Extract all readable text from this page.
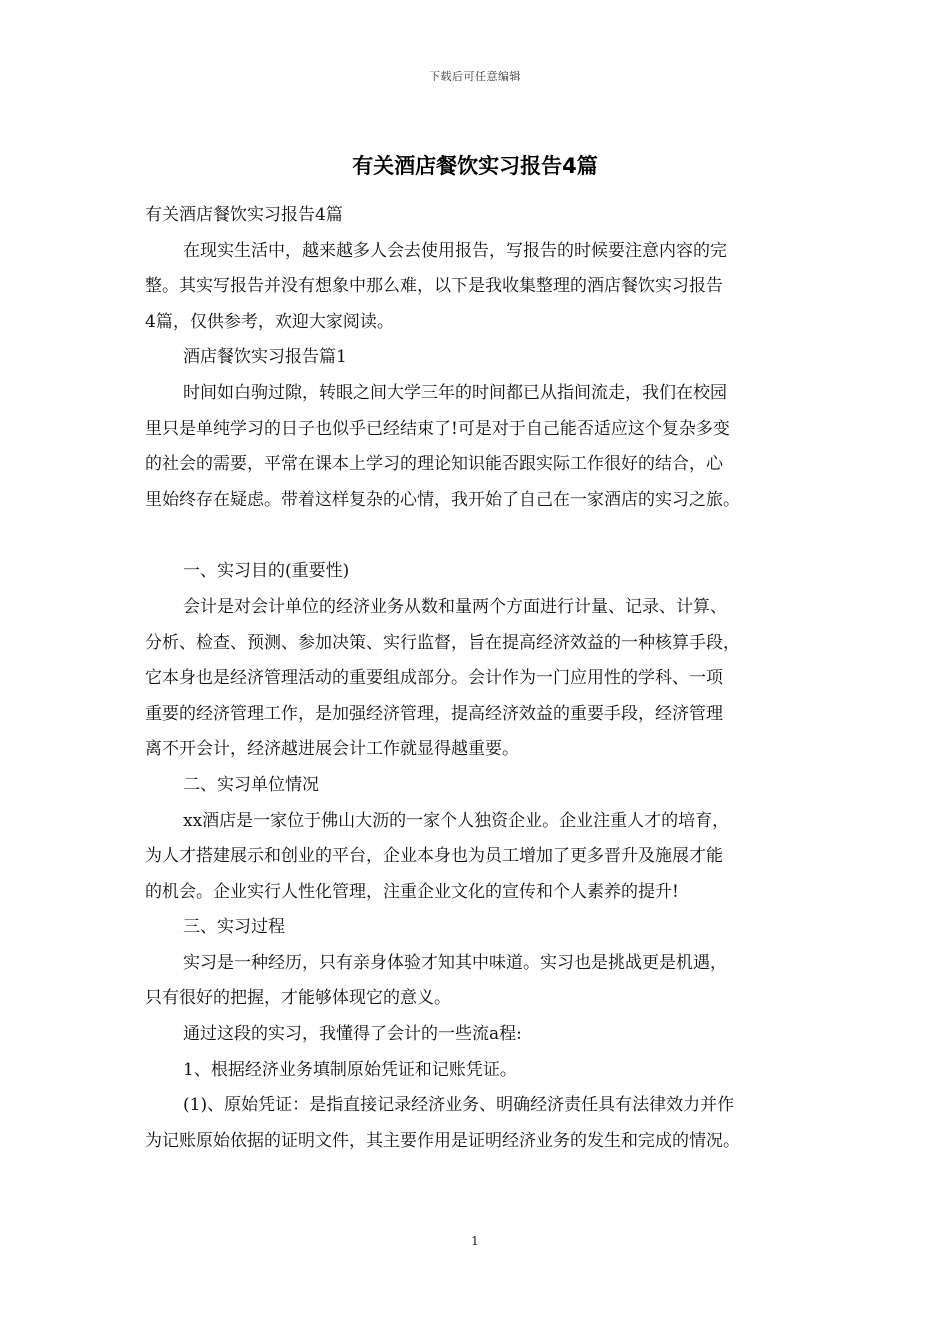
下载后可任意编辑
有关酒店餐饮实习报告4篇

有关酒店餐饮实习报告4篇

在现实生活中，越来越多人会去使用报告，写报告的时候要注意内容的完

整。其实写报告并没有想象中那么难，以下是我收集整理的酒店餐饮实习报告

4篇，仅供参考，欢迎大家阅读。

酒店餐饮实习报告篇1

时间如白驹过隙，转眼之间大学三年的时间都已从指间流走，我们在校园

里只是单纯学习的日子也似乎已经结束了!可是对于自己能否适应这个复杂多变

的社会的需要，平常在课本上学习的理论知识能否跟实际工作很好的结合，心

里始终存在疑虑。带着这样复杂的心情，我开始了自己在一家酒店的实习之旅。

一、实习目的(重要性)

会计是对会计单位的经济业务从数和量两个方面进行计量、记录、计算、

分析、检查、预测、参加决策、实行监督，旨在提高经济效益的一种核算手段，

它本身也是经济管理活动的重要组成部分。会计作为一门应用性的学科、一项

重要的经济管理工作，是加强经济管理，提高经济效益的重要手段，经济管理

离不开会计，经济越进展会计工作就显得越重要。

二、实习单位情况

xx酒店是一家位于佛山大沥的一家个人独资企业。企业注重人才的培育，

为人才搭建展示和创业的平台，企业本身也为员工增加了更多晋升及施展才能

的机会。企业实行人性化管理，注重企业文化的宣传和个人素养的提升!

三、实习过程

实习是一种经历，只有亲身体验才知其中味道。实习也是挑战更是机遇，

只有很好的把握，才能够体现它的意义。

通过这段的实习，我懂得了会计的一些流a程:

1、根据经济业务填制原始凭证和记账凭证。

(1)、原始凭证：是指直接记录经济业务、明确经济责任具有法律效力并作

为记账原始依据的证明文件，其主要作用是证明经济业务的发生和完成的情况。

1
